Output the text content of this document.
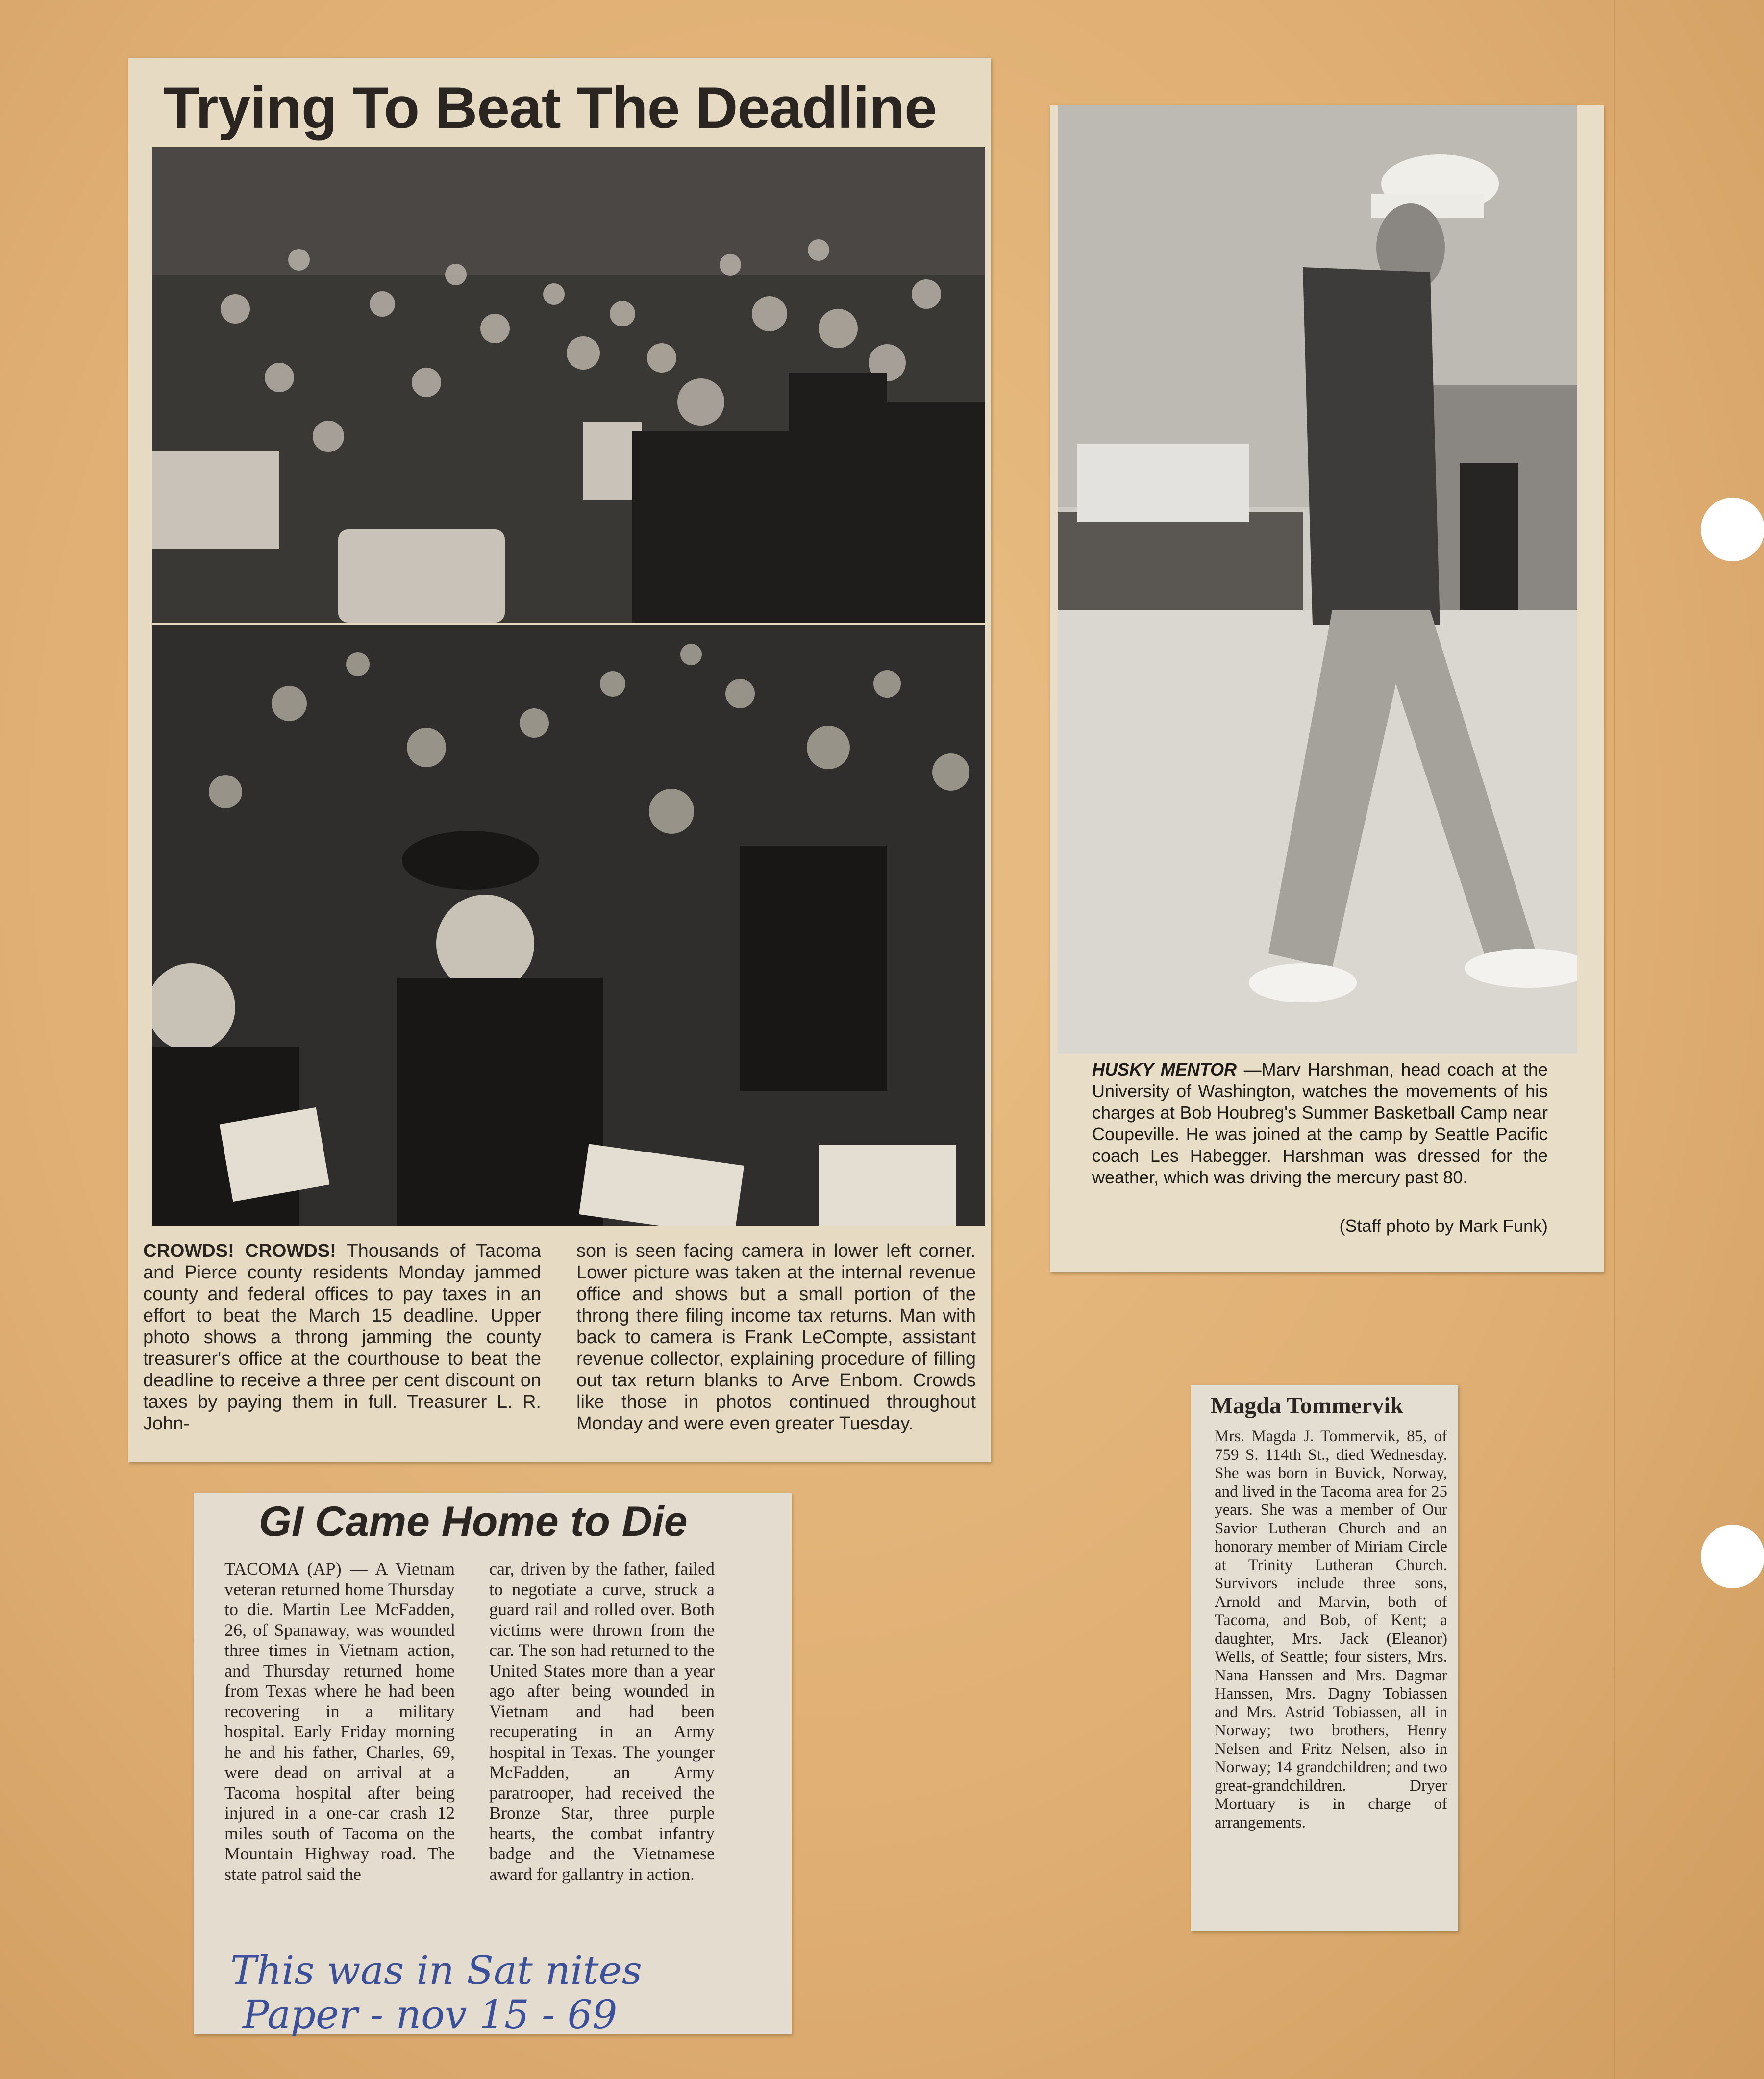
Trying To Beat The Deadline
CROWDS! CROWDS! Thousands of Tacoma and Pierce county residents Monday jammed county and federal offices to pay taxes in an effort to beat the March 15 deadline. Upper photo shows a throng jamming the county treasurer's office at the courthouse to beat the deadline to receive a three per cent discount on taxes by paying them in full. Treasurer L. R. John-
son is seen facing camera in lower left corner. Lower picture was taken at the internal revenue office and shows but a small portion of the throng there filing income tax returns. Man with back to camera is Frank LeCompte, assistant revenue collector, explaining procedure of filling out tax return blanks to Arve Enbom. Crowds like those in photos continued throughout Monday and were even greater Tuesday.
HUSKY MENTOR —Marv Harshman, head coach at the University of Washington, watches the movements of his charges at Bob Houbreg's Summer Basketball Camp near Coupeville. He was joined at the camp by Seattle Pacific coach Les Habegger. Harshman was dressed for the weather, which was driving the mercury past 80.
(Staff photo by Mark Funk)
GI Came Home to Die
TACOMA (AP) — A Vietnam veteran returned home Thursday to die. Martin Lee McFadden, 26, of Spanaway, was wounded three times in Vietnam action, and Thursday returned home from Texas where he had been recovering in a military hospital. Early Friday morning he and his father, Charles, 69, were dead on arrival at a Tacoma hospital after being injured in a one-car crash 12 miles south of Tacoma on the Mountain Highway road. The state patrol said the
car, driven by the father, failed to negotiate a curve, struck a guard rail and rolled over. Both victims were thrown from the car. The son had returned to the United States more than a year ago after being wounded in Vietnam and had been recuperating in an Army hospital in Texas. The younger McFadden, an Army paratrooper, had received the Bronze Star, three purple hearts, the combat infantry badge and the Vietnamese award for gallantry in action.
This was in Sat nites
Paper - nov 15 - 69
Magda Tommervik
Mrs. Magda J. Tommervik, 85, of 759 S. 114th St., died Wednesday. She was born in Buvick, Norway, and lived in the Tacoma area for 25 years. She was a member of Our Savior Lutheran Church and an honorary member of Miriam Circle at Trinity Lutheran Church. Survivors include three sons, Arnold and Marvin, both of Tacoma, and Bob, of Kent; a daughter, Mrs. Jack (Eleanor) Wells, of Seattle; four sisters, Mrs. Nana Hanssen and Mrs. Dagmar Hanssen, Mrs. Dagny Tobiassen and Mrs. Astrid Tobiassen, all in Norway; two brothers, Henry Nelsen and Fritz Nelsen, also in Norway; 14 grandchildren; and two great-grandchildren. Dryer Mortuary is in charge of arrangements.
